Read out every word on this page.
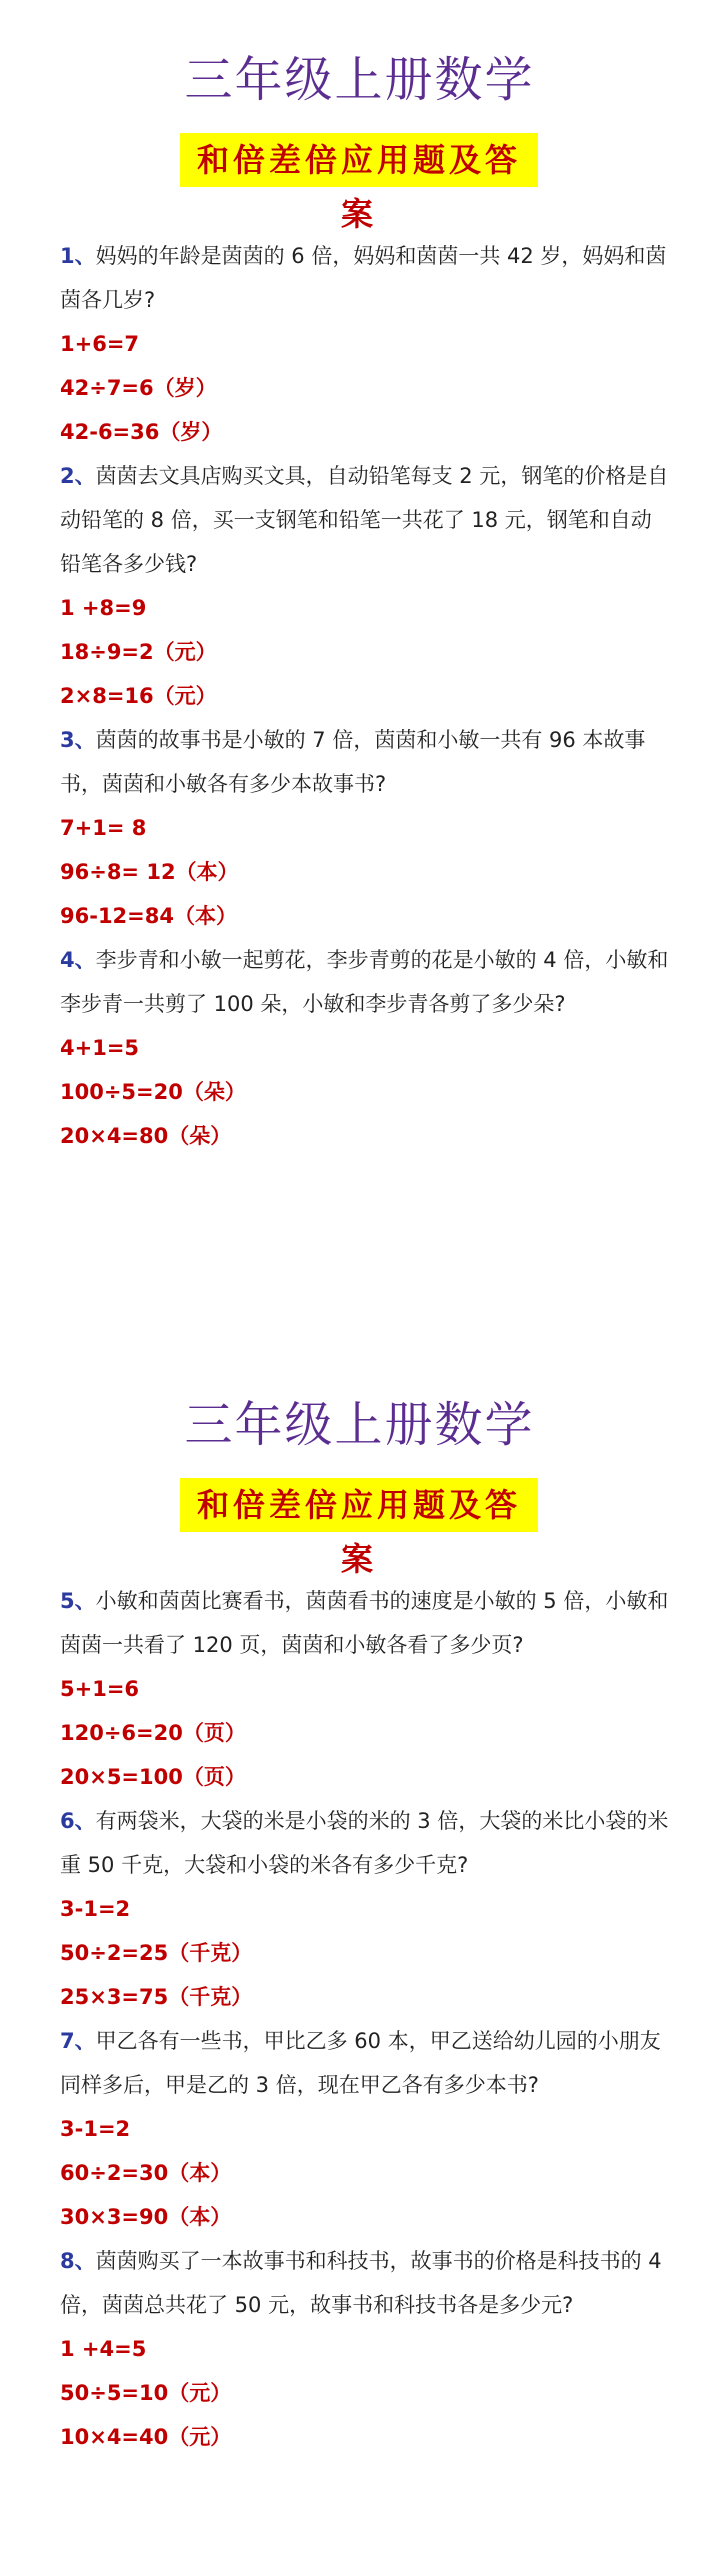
三年级上册数学
和倍差倍应用题及答案
1、妈妈的年龄是茵茵的 6 倍，妈妈和茵茵一共 42 岁，妈妈和茵茵各几岁?
1+6=7
42÷7=6（岁）
42-6=36（岁）
2、茵茵去文具店购买文具，自动铅笔每支 2 元，钢笔的价格是自动铅笔的 8 倍，买一支钢笔和铅笔一共花了 18 元，钢笔和自动铅笔各多少钱?
1 +8=9
18÷9=2（元）
2×8=16（元）
3、茵茵的故事书是小敏的 7 倍，茵茵和小敏一共有 96 本故事书，茵茵和小敏各有多少本故事书?
7+1= 8
96÷8= 12（本）
96-12=84（本）
4、李步青和小敏一起剪花，李步青剪的花是小敏的 4 倍，小敏和李步青一共剪了 100 朵，小敏和李步青各剪了多少朵?
4+1=5
100÷5=20（朵）
20×4=80（朵）
三年级上册数学
和倍差倍应用题及答案
5、小敏和茵茵比赛看书，茵茵看书的速度是小敏的 5 倍，小敏和茵茵一共看了 120 页，茵茵和小敏各看了多少页?
5+1=6
120÷6=20（页）
20×5=100（页）
6、有两袋米，大袋的米是小袋的米的 3 倍，大袋的米比小袋的米重 50 千克，大袋和小袋的米各有多少千克?
3-1=2
50÷2=25（千克）
25×3=75（千克）
7、甲乙各有一些书，甲比乙多 60 本，甲乙送给幼儿园的小朋友同样多后，甲是乙的 3 倍，现在甲乙各有多少本书?
3-1=2
60÷2=30（本）
30×3=90（本）
8、茵茵购买了一本故事书和科技书，故事书的价格是科技书的 4 倍，茵茵总共花了 50 元，故事书和科技书各是多少元?
1 +4=5
50÷5=10（元）
10×4=40（元）
